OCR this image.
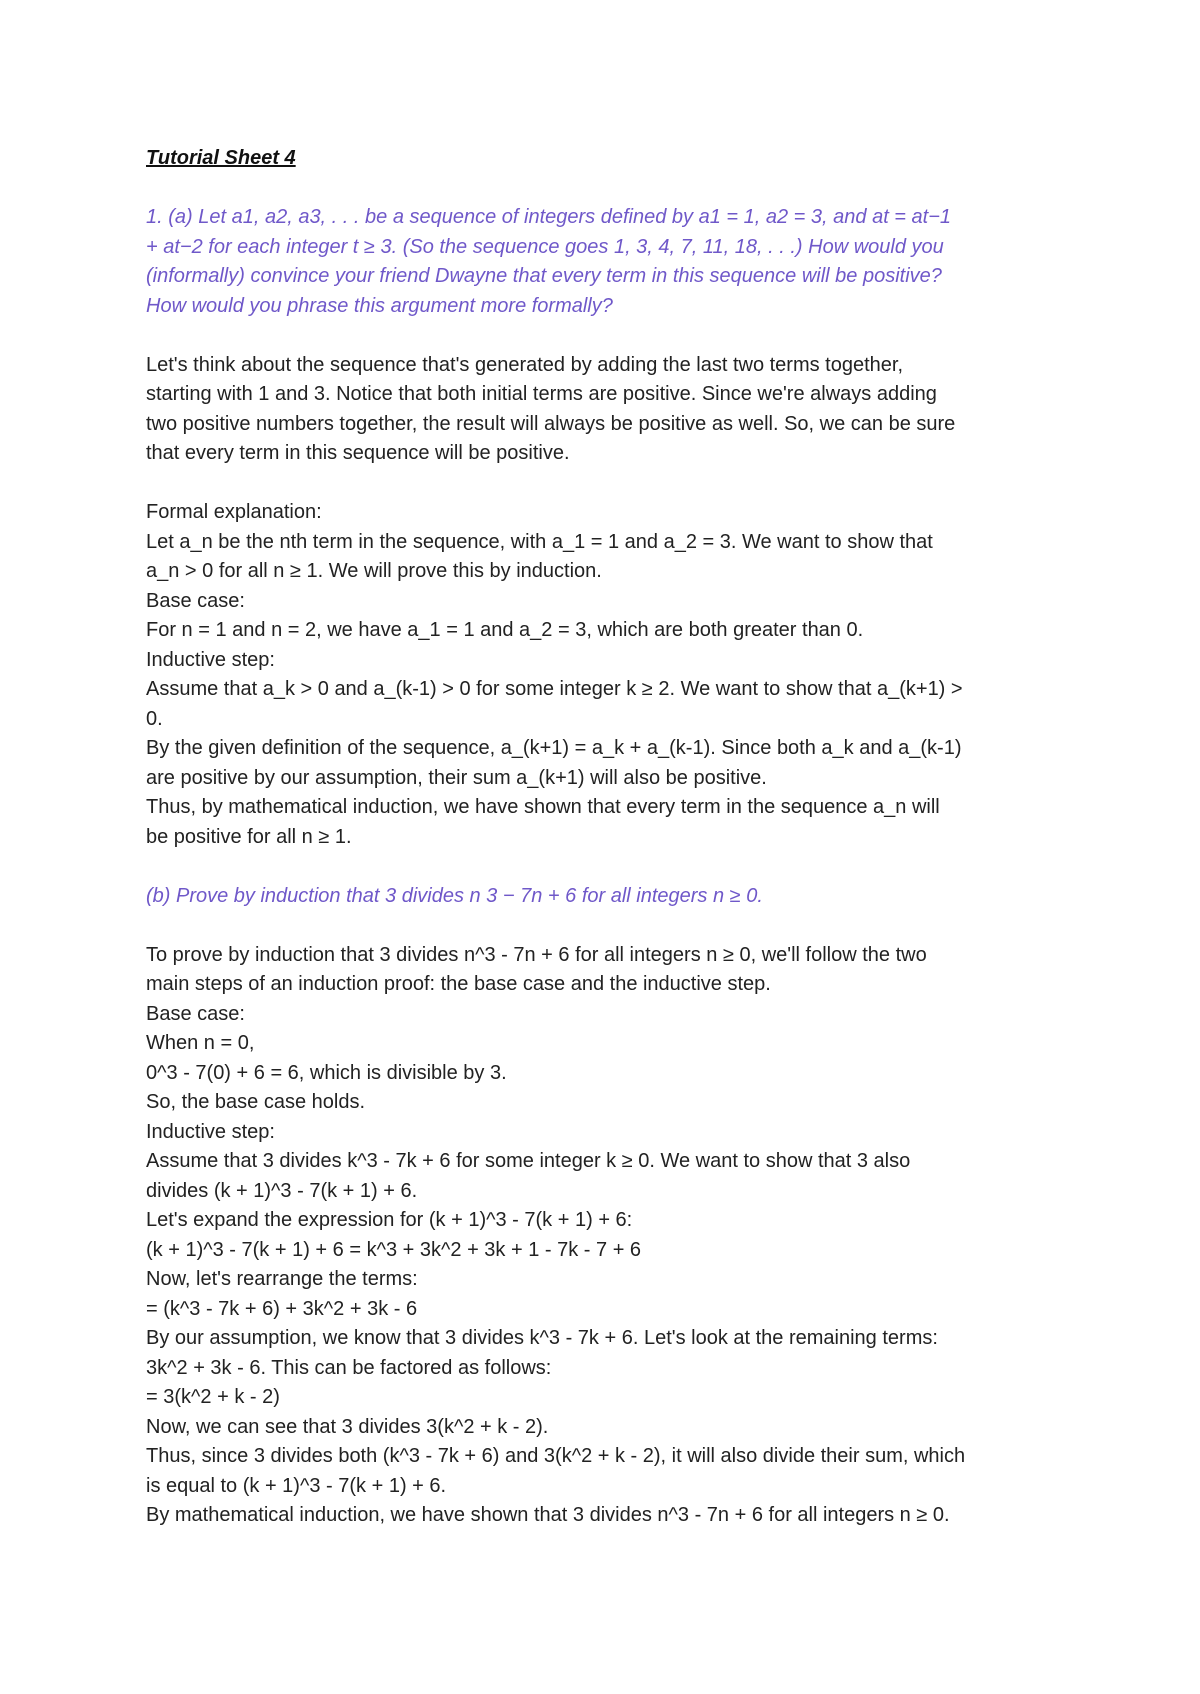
Tutorial Sheet 4
1. (a) Let a1, a2, a3, . . . be a sequence of integers defined by a1 = 1, a2 = 3, and at = at−1
+ at−2 for each integer t ≥ 3. (So the sequence goes 1, 3, 4, 7, 11, 18, . . .) How would you
(informally) convince your friend Dwayne that every term in this sequence will be positive?
How would you phrase this argument more formally?
Let's think about the sequence that's generated by adding the last two terms together,
starting with 1 and 3. Notice that both initial terms are positive. Since we're always adding
two positive numbers together, the result will always be positive as well. So, we can be sure
that every term in this sequence will be positive.
Formal explanation:
Let a_n be the nth term in the sequence, with a_1 = 1 and a_2 = 3. We want to show that
a_n > 0 for all n ≥ 1. We will prove this by induction.
Base case:
For n = 1 and n = 2, we have a_1 = 1 and a_2 = 3, which are both greater than 0.
Inductive step:
Assume that a_k > 0 and a_(k-1) > 0 for some integer k ≥ 2. We want to show that a_(k+1) >
0.
By the given definition of the sequence, a_(k+1) = a_k + a_(k-1). Since both a_k and a_(k-1)
are positive by our assumption, their sum a_(k+1) will also be positive.
Thus, by mathematical induction, we have shown that every term in the sequence a_n will
be positive for all n ≥ 1.
(b) Prove by induction that 3 divides n 3 − 7n + 6 for all integers n ≥ 0.
To prove by induction that 3 divides n^3 - 7n + 6 for all integers n ≥ 0, we'll follow the two
main steps of an induction proof: the base case and the inductive step.
Base case:
When n = 0,
0^3 - 7(0) + 6 = 6, which is divisible by 3.
So, the base case holds.
Inductive step:
Assume that 3 divides k^3 - 7k + 6 for some integer k ≥ 0. We want to show that 3 also
divides (k + 1)^3 - 7(k + 1) + 6.
Let's expand the expression for (k + 1)^3 - 7(k + 1) + 6:
(k + 1)^3 - 7(k + 1) + 6 = k^3 + 3k^2 + 3k + 1 - 7k - 7 + 6
Now, let's rearrange the terms:
= (k^3 - 7k + 6) + 3k^2 + 3k - 6
By our assumption, we know that 3 divides k^3 - 7k + 6. Let's look at the remaining terms:
3k^2 + 3k - 6. This can be factored as follows:
= 3(k^2 + k - 2)
Now, we can see that 3 divides 3(k^2 + k - 2).
Thus, since 3 divides both (k^3 - 7k + 6) and 3(k^2 + k - 2), it will also divide their sum, which
is equal to (k + 1)^3 - 7(k + 1) + 6.
By mathematical induction, we have shown that 3 divides n^3 - 7n + 6 for all integers n ≥ 0.
